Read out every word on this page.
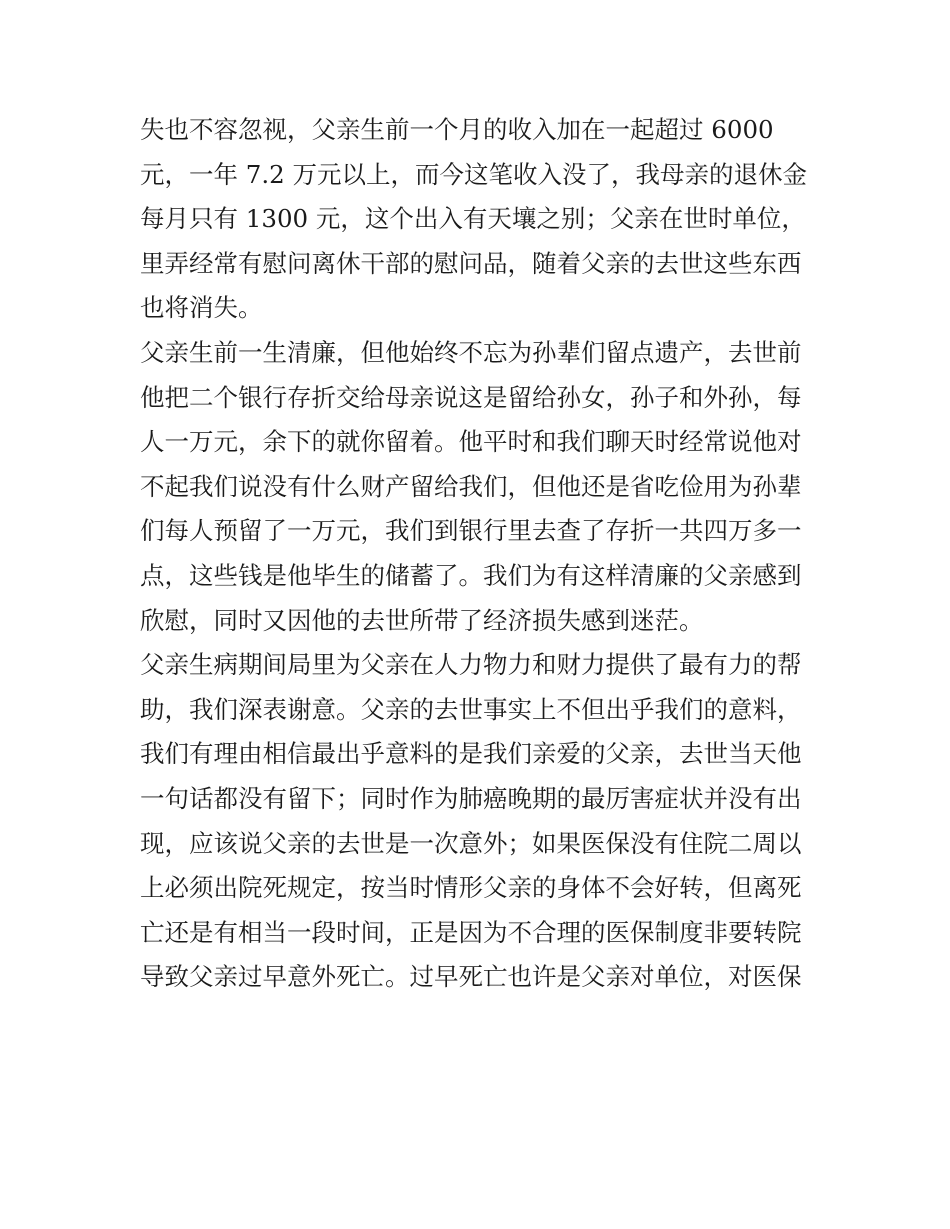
失也不容忽视，父亲生前一个月的收入加在一起超过 6000
元，一年 7.2 万元以上，而今这笔收入没了，我母亲的退休金
每月只有 1300 元，这个出入有天壤之别；父亲在世时单位，
里弄经常有慰问离休干部的慰问品，随着父亲的去世这些东西
也将消失。
父亲生前一生清廉，但他始终不忘为孙辈们留点遗产，去世前
他把二个银行存折交给母亲说这是留给孙女，孙子和外孙，每
人一万元，余下的就你留着。他平时和我们聊天时经常说他对
不起我们说没有什么财产留给我们，但他还是省吃俭用为孙辈
们每人预留了一万元，我们到银行里去查了存折一共四万多一
点，这些钱是他毕生的储蓄了。我们为有这样清廉的父亲感到
欣慰，同时又因他的去世所带了经济损失感到迷茫。
父亲生病期间局里为父亲在人力物力和财力提供了最有力的帮
助，我们深表谢意。父亲的去世事实上不但出乎我们的意料，
我们有理由相信最出乎意料的是我们亲爱的父亲，去世当天他
一句话都没有留下；同时作为肺癌晚期的最厉害症状并没有出
现，应该说父亲的去世是一次意外；如果医保没有住院二周以
上必须出院死规定，按当时情形父亲的身体不会好转，但离死
亡还是有相当一段时间，正是因为不合理的医保制度非要转院
导致父亲过早意外死亡。过早死亡也许是父亲对单位，对医保
